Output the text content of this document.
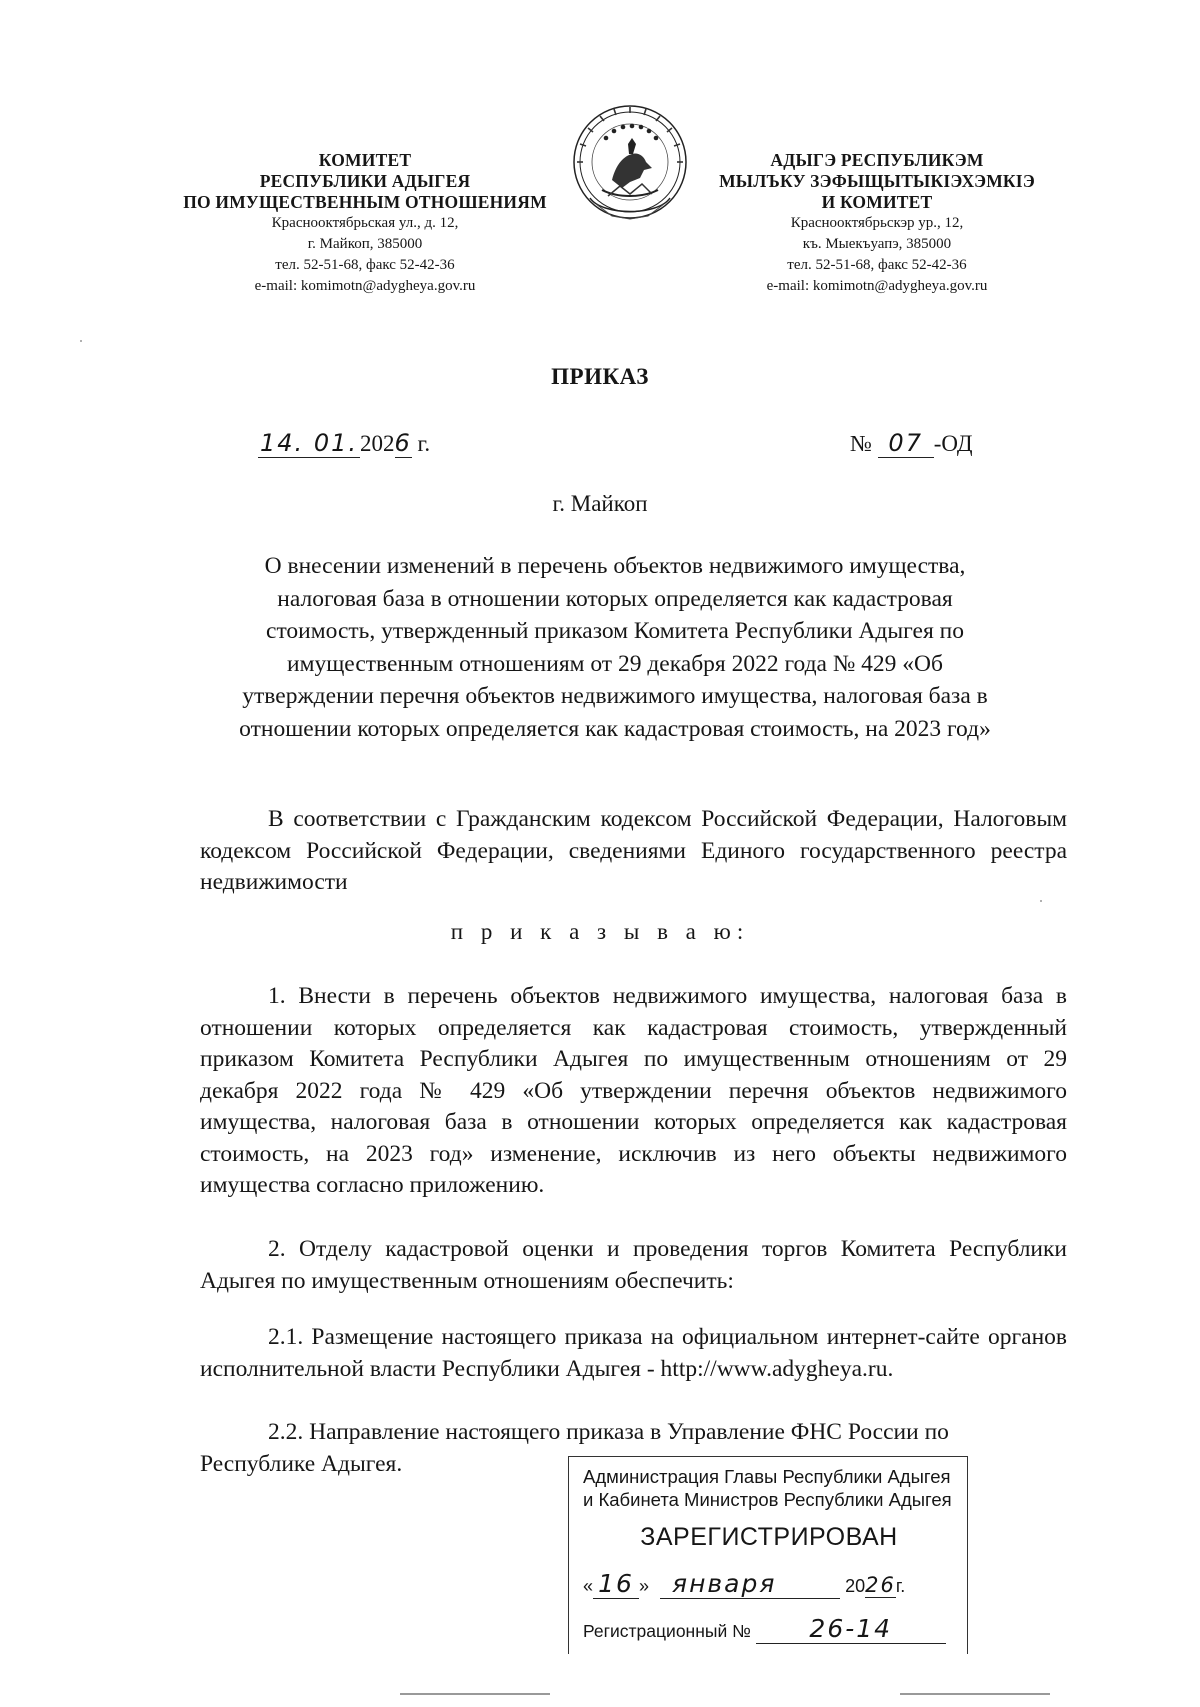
КОМИТЕТ
РЕСПУБЛИКИ АДЫГЕЯ
ПО ИМУЩЕСТВЕННЫМ ОТНОШЕНИЯМ
Краснооктябрьская ул., д. 12,
г. Майкоп, 385000
тел. 52-51-68, факс 52-42-36
e-mail: komimotn@adygheya.gov.ru
АДЫГЭ РЕСПУБЛИКЭМ
МЫЛЪКУ ЗЭФЫЩЫТЫКIЭХЭМКIЭ
И КОМИТЕТ
Краснооктябрьскэр ур., 12,
къ. Мыекъуапэ, 385000
тел. 52-51-68, факс 52-42-36
e-mail: komimotn@adygheya.gov.ru
ПРИКАЗ
14. 01.2026 г.	№ 07 -ОД
г. Майкоп
О внесении изменений в перечень объектов недвижимого имущества,
налоговая база в отношении которых определяется как кадастровая
стоимость, утвержденный приказом Комитета Республики Адыгея по
имущественным отношениям от 29 декабря 2022 года № 429 «Об
утверждении перечня объектов недвижимого имущества, налоговая база в
отношении которых определяется как кадастровая стоимость, на 2023 год»
В соответствии с Гражданским кодексом Российской Федерации, Налоговым кодексом Российской Федерации, сведениями Единого государственного реестра недвижимости
п р и к а з ы в а ю:
1. Внести в перечень объектов недвижимого имущества, налоговая база в отношении которых определяется как кадастровая стоимость, утвержденный приказом Комитета Республики Адыгея по имущественным отношениям от 29 декабря 2022 года № 429 «Об утверждении перечня объектов недвижимого имущества, налоговая база в отношении которых определяется как кадастровая стоимость, на 2023 год» изменение, исключив из него объекты недвижимого имущества согласно приложению.
2. Отделу кадастровой оценки и проведения торгов Комитета Республики Адыгея по имущественным отношениям обеспечить:
2.1. Размещение настоящего приказа на официальном интернет-сайте органов исполнительной власти Республики Адыгея - http://www.adygheya.ru.
2.2. Направление настоящего приказа в Управление ФНС России по
Республике Адыгея.	Администрация Главы Республики Адыгея
и Кабинета Министров Республики Адыгея
ЗАРЕГИСТРИРОВАН
« 16 » января	2026г.
Регистрационный № 26-14
